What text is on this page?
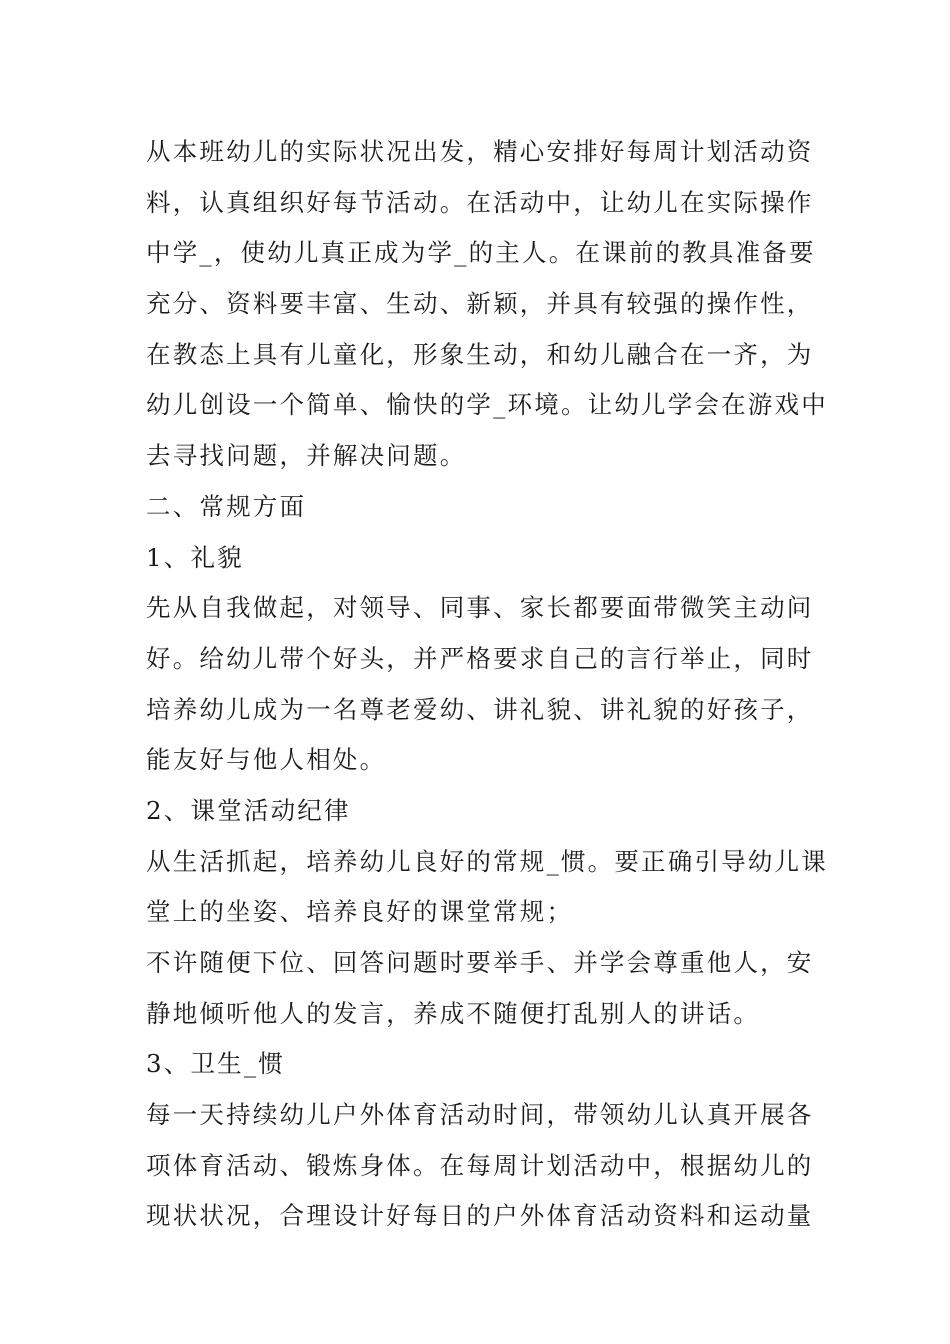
从本班幼儿的实际状况出发，精心安排好每周计划活动资
料，认真组织好每节活动。在活动中，让幼儿在实际操作
中学_，使幼儿真正成为学_的主人。在课前的教具准备要
充分、资料要丰富、生动、新颖，并具有较强的操作性，
在教态上具有儿童化，形象生动，和幼儿融合在一齐，为
幼儿创设一个简单、愉快的学_环境。让幼儿学会在游戏中
去寻找问题，并解决问题。
二、常规方面
1、礼貌
先从自我做起，对领导、同事、家长都要面带微笑主动问
好。给幼儿带个好头，并严格要求自己的言行举止，同时
培养幼儿成为一名尊老爱幼、讲礼貌、讲礼貌的好孩子，
能友好与他人相处。
2、课堂活动纪律
从生活抓起，培养幼儿良好的常规_惯。要正确引导幼儿课
堂上的坐姿、培养良好的课堂常规；
不许随便下位、回答问题时要举手、并学会尊重他人，安
静地倾听他人的发言，养成不随便打乱别人的讲话。
3、卫生_惯
每一天持续幼儿户外体育活动时间，带领幼儿认真开展各
项体育活动、锻炼身体。在每周计划活动中，根据幼儿的
现状状况，合理设计好每日的户外体育活动资料和运动量
